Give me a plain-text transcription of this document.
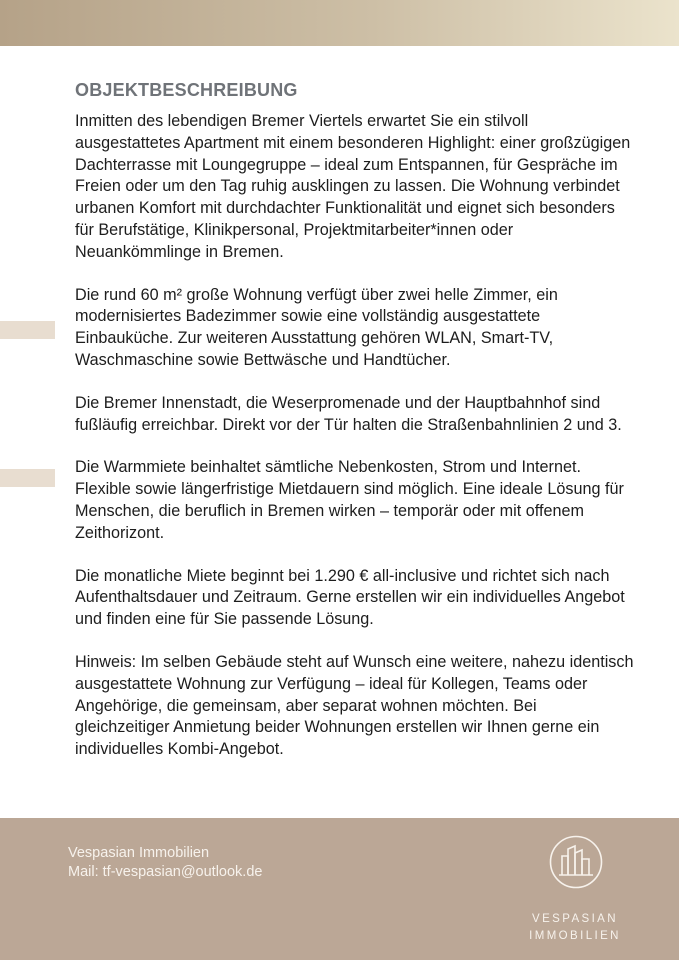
OBJEKTBESCHREIBUNG

Inmitten des lebendigen Bremer Viertels erwartet Sie ein stilvoll ausgestattetes Apartment mit einem besonderen Highlight: einer großzügigen Dachterrasse mit Loungegruppe – ideal zum Entspannen, für Gespräche im Freien oder um den Tag ruhig ausklingen zu lassen. Die Wohnung verbindet urbanen Komfort mit durchdachter Funktionalität und eignet sich besonders für Berufstätige, Klinikpersonal, Projektmitarbeiter*innen oder Neuankömmlinge in Bremen.

Die rund 60 m² große Wohnung verfügt über zwei helle Zimmer, ein modernisiertes Badezimmer sowie eine vollständig ausgestattete Einbauküche. Zur weiteren Ausstattung gehören WLAN, Smart-TV, Waschmaschine sowie Bettwäsche und Handtücher.

Die Bremer Innenstadt, die Weserpromenade und der Hauptbahnhof sind fußläufig erreichbar. Direkt vor der Tür halten die Straßenbahnlinien 2 und 3.

Die Warmmiete beinhaltet sämtliche Nebenkosten, Strom und Internet. Flexible sowie längerfristige Mietdauern sind möglich. Eine ideale Lösung für Menschen, die beruflich in Bremen wirken – temporär oder mit offenem Zeithorizont.

Die monatliche Miete beginnt bei 1.290 € all-inclusive und richtet sich nach Aufenthaltsdauer und Zeitraum. Gerne erstellen wir ein individuelles Angebot und finden eine für Sie passende Lösung.

Hinweis: Im selben Gebäude steht auf Wunsch eine weitere, nahezu identisch ausgestattete Wohnung zur Verfügung – ideal für Kollegen, Teams oder Angehörige, die gemeinsam, aber separat wohnen möchten. Bei gleichzeitiger Anmietung beider Wohnungen erstellen wir Ihnen gerne ein individuelles Kombi-Angebot.

Vespasian Immobilien
Mail: tf-vespasian@outlook.de
VESPASIAN
IMMOBILIEN
